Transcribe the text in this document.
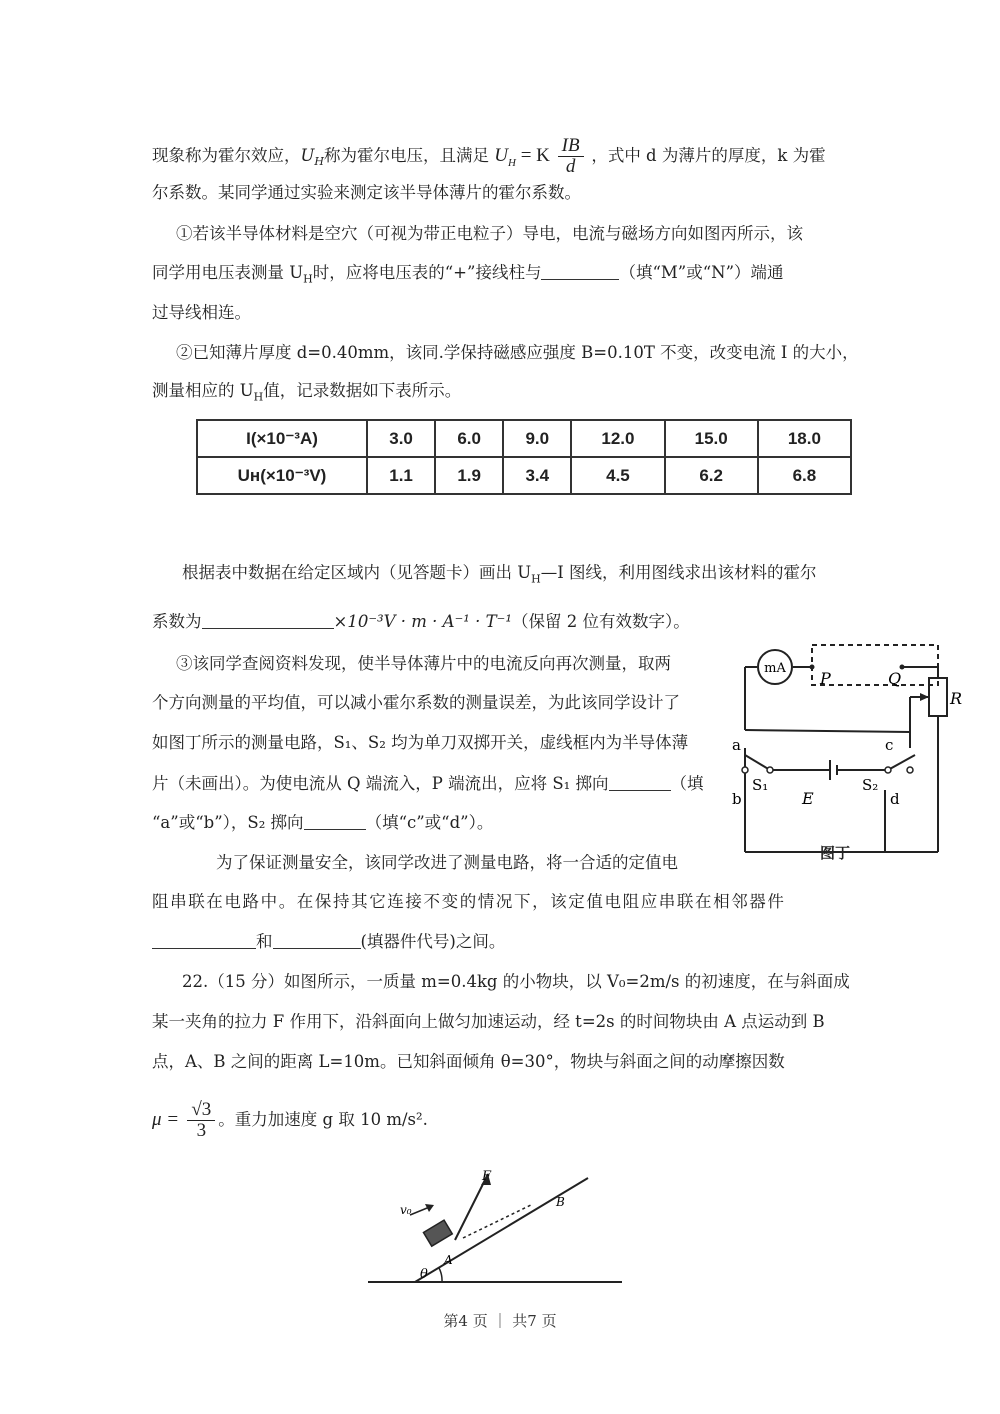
现象称为霍尔效应，$U_H$称为霍尔电压，且满足 $U_H = K \frac{IB}{d}$ ，式中 d 为薄片的厚度，k 为霍
尔系数。某同学通过实验来测定该半导体薄片的霍尔系数。
①若该半导体材料是空穴（可视为带正电粒子）导电，电流与磁场方向如图丙所示，该
同学用电压表测量 $U_H$时，应将电压表的“+”接线柱与	（填“M”或“N”）端通
过导线相连。
②已知薄片厚度 d=0.40mm，该同.学保持磁感应强度 B=0.10T 不变，改变电流 I 的大小，
测量相应的 $U_H$值，记录数据如下表所示。
I(×10⁻³A)	3.0	6.0	9.0	12.0	15.0	18.0
Uн(×10⁻³V)	1.1	1.9	3.4	4.5	6.2	6.8
根据表中数据在给定区域内（见答题卡）画出 $U_H—I$ 图线，利用图线求出该材料的霍尔
系数为	×10⁻³V · m · A⁻¹ · T⁻¹（保留 2 位有效数字）。
③该同学查阅资料发现，使半导体薄片中的电流反向再次测量，取两
个方向测量的平均值，可以减小霍尔系数的测量误差，为此该同学设计了
如图丁所示的测量电路，S₁、S₂ 均为单刀双掷开关，虚线框内为半导体薄
片（未画出）。为使电流从 Q 端流入，P 端流出，应将 S₁ 掷向	（填
“a”或“b”），S₂ 掷向	（填“c”或“d”）。
为了保证测量安全，该同学改进了测量电路，将一合适的定值电
阻串联在电路中。在保持其它连接不变的情况下，该定值电阻应串联在相邻器件
和	(填器件代号)之间。
22.（15 分）如图所示，一质量 m=0.4kg 的小物块，以 V₀=2m/s 的初速度，在与斜面成
某一夹角的拉力 F 作用下，沿斜面向上做匀加速运动，经 t=2s 的时间物块由 A 点运动到 B
点，A、B 之间的距离 L=10m。已知斜面倾角 θ=30°，物块与斜面之间的动摩擦因数
$\mu = \frac{√3}{3}$ 。重力加速度 g 取 10 m/s².
mA
P	Q
R
a
b
c
d
S₁	S₂
E
图丁
F
v₀
A
B
θ
第4 页 ｜ 共7 页
